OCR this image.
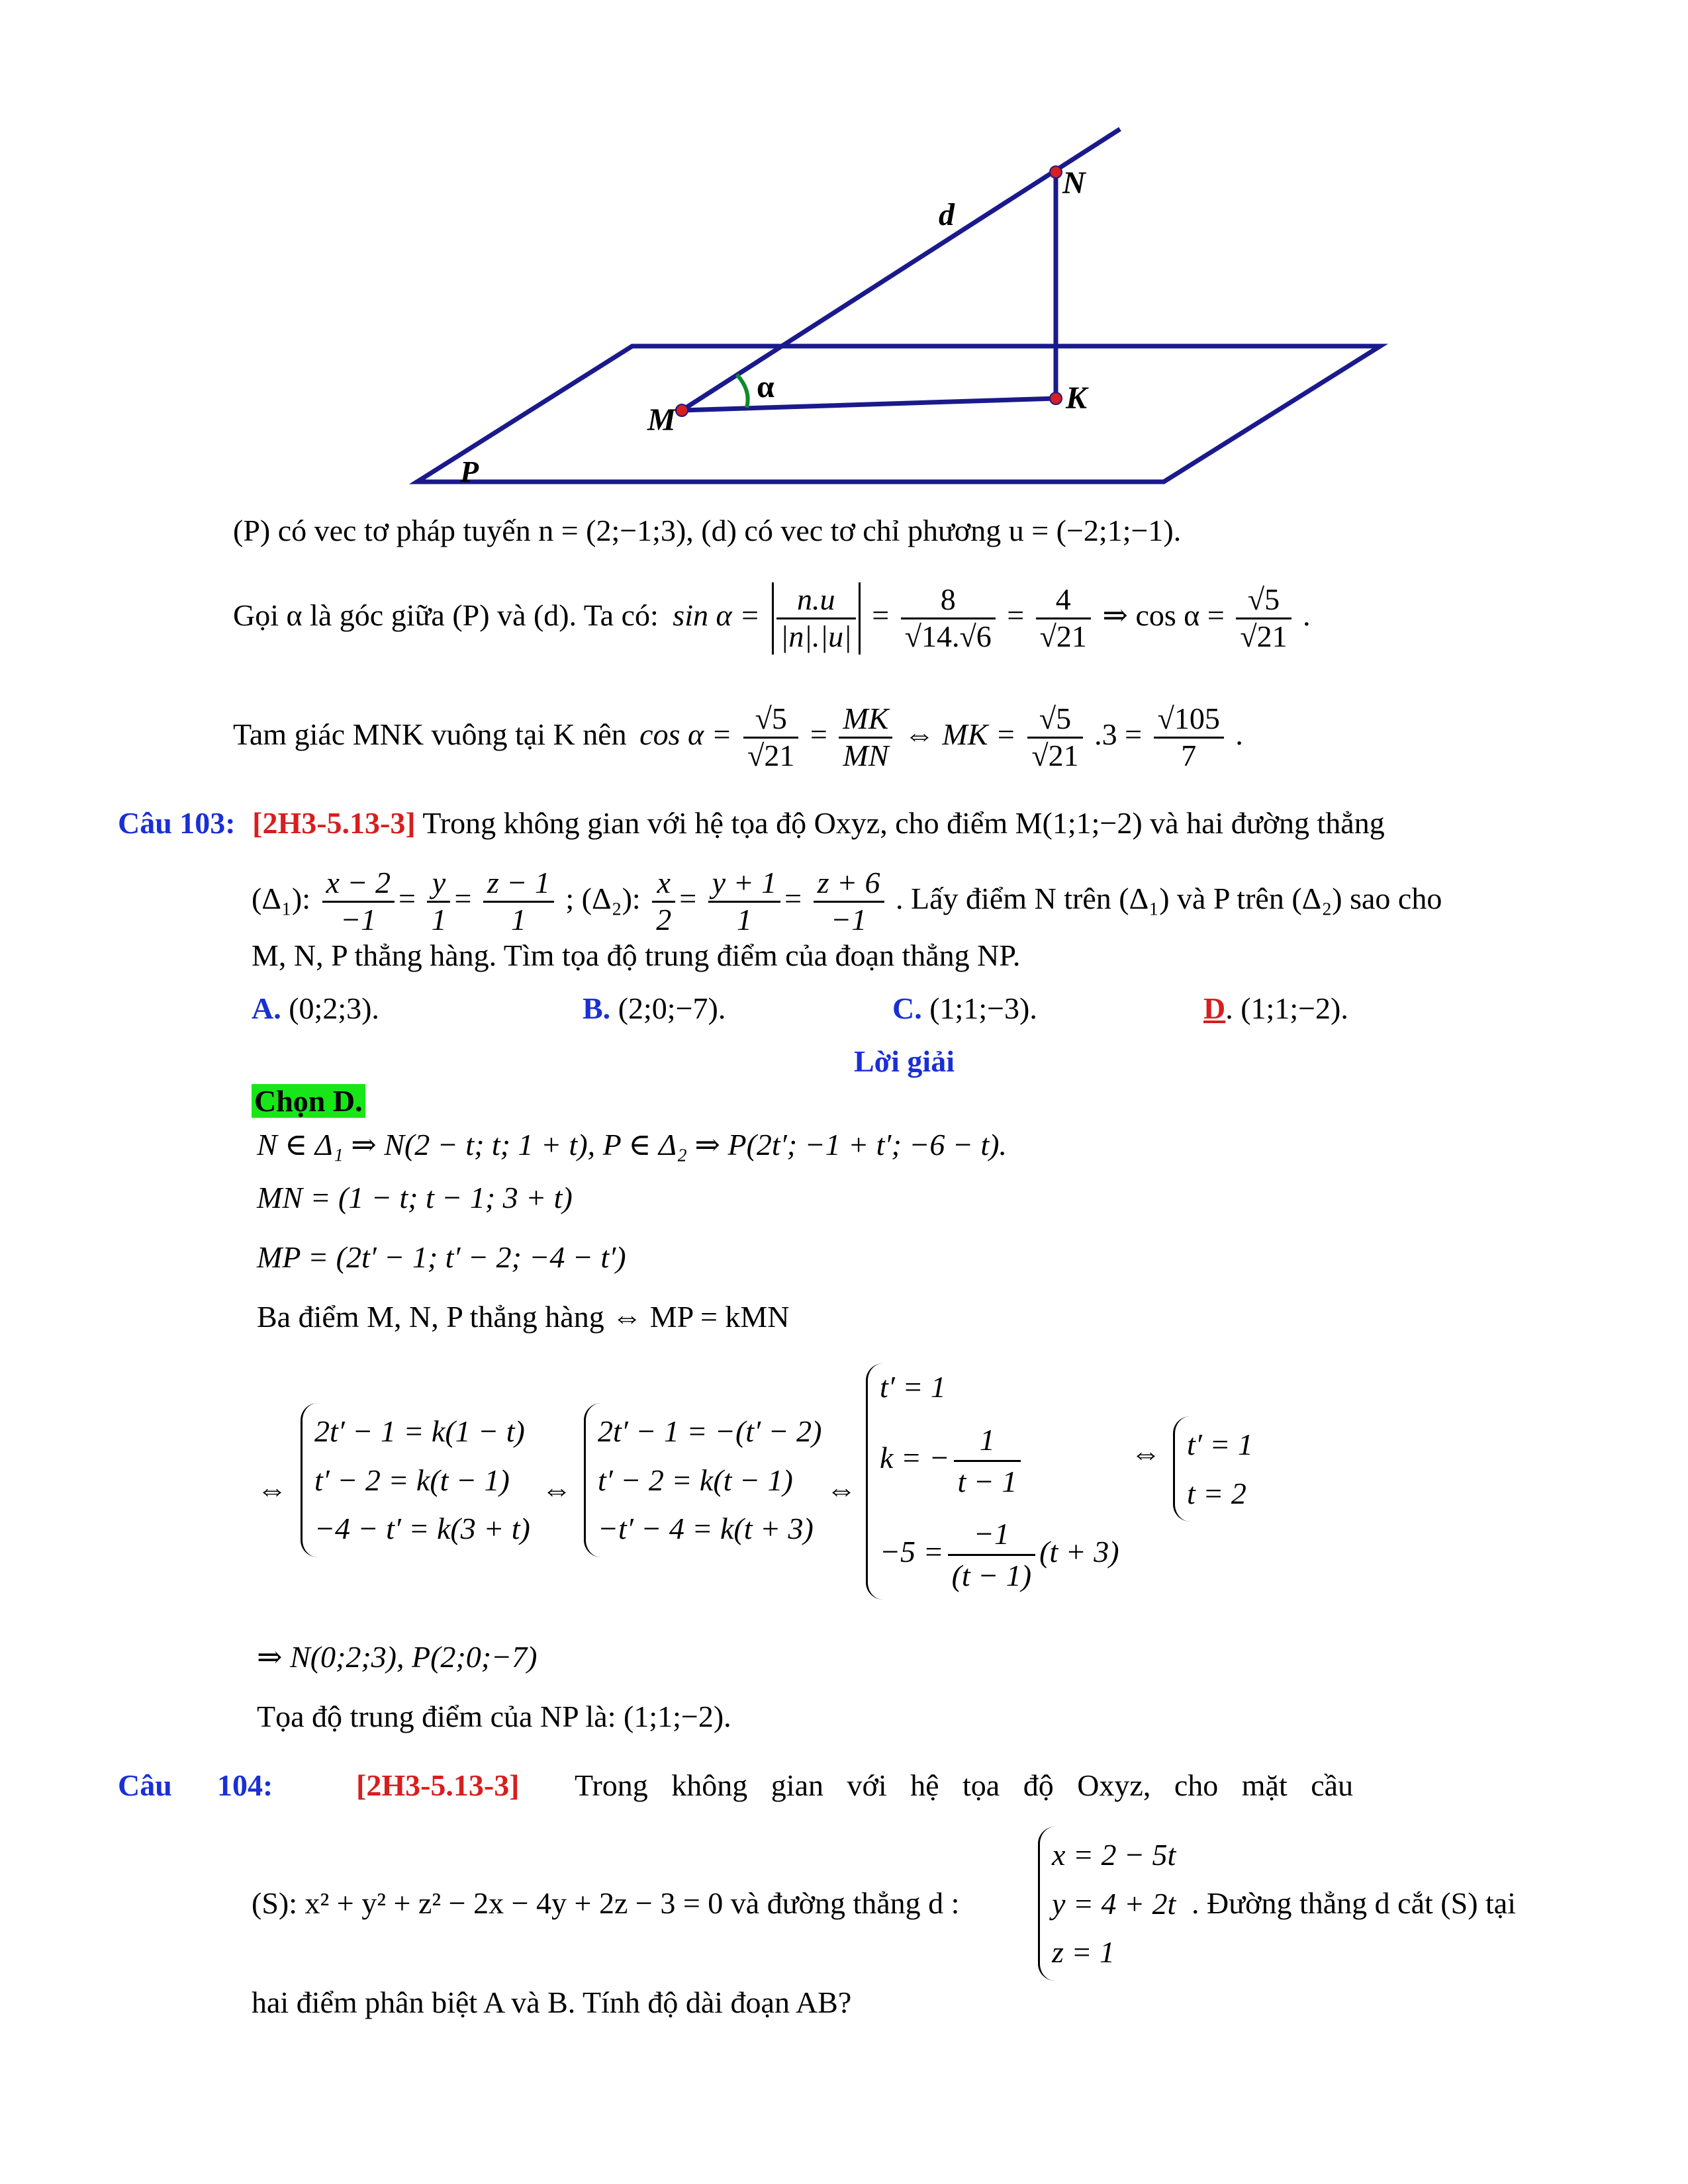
N
d
α
M
K
P
(P) có vec tơ pháp tuyến n = (2;−1;3), (d) có vec tơ chỉ phương u = (−2;1;−1).
Gọi α là góc giữa (P) và (d). Ta có: $\sin \alpha = \frac{n.u}{|n|.|u|} = \frac{8}{√14.√6} = \frac{4}{√21}$ ⇒ $\cos \alpha = \frac{√5}{√21}$ .
Tam giác MNK vuông tại K nên $\cos \alpha = \frac{√5}{√21} = \frac{MK}{MN}$ ⇔ MK = $\frac{√5}{√21} .3 = \frac{√105}{7}$ .
Câu 103: [2H3-5.13-3] Trong không gian với hệ tọa độ Oxyz, cho điểm M(1;1;−2) và hai đường thẳng
(Δ₁): $\frac{x - 2}{-1} = \frac{y}{1} = \frac{z - 1}{1}$ ; (Δ₂): $\frac{x}{2} = \frac{y + 1}{1} = \frac{z + 6}{-1}$ . Lấy điểm N trên (Δ₁) và P trên (Δ₂) sao cho
M, N, P thẳng hàng. Tìm tọa độ trung điểm của đoạn thẳng NP.
A. (0;2;3).	B. (2;0;−7).	C. (1;1;−3).	D. (1;1;−2).
Lời giải
Chọn D.
N ∈ Δ₁ ⇒ N(2 − t; t; 1 + t), P ∈ Δ₂ ⇒ P(2t′; −1 + t′; −6 − t).
MN = (1 − t; t − 1; 3 + t)
MP = (2t′ − 1; t′ − 2; −4 − t′)
Ba điểm M, N, P thẳng hàng ⇔ MP = kMN
⇔
2t′ − 1 = k(1 − t)
t′ − 2 = k(t − 1)
−4 − t′ = k(3 + t)
⇔
2t′ − 1 = −(t′ − 2)
t′ − 2 = k(t − 1)
−t′ − 4 = k(t + 3)
⇔
t′ = 1
k = − $\frac{1}{t - 1}$
$-5 = \frac{-1}{(t - 1)} (t + 3)$
⇔ t′ = 1
t = 2
⇒ N(0;2;3), P(2;0;−7)
Tọa độ trung điểm của NP là: (1;1;−2).
Câu 104:	[2H3-5.13-3] Trong không gian với hệ tọa độ Oxyz, cho mặt cầu
(S): x² + y² + z² − 2x − 4y + 2z − 3 = 0 và đường thẳng d :
x = 2 − 5t
y = 4 + 2t
z = 1
. Đường thẳng d cắt (S) tại
hai điểm phân biệt A và B. Tính độ dài đoạn AB?
